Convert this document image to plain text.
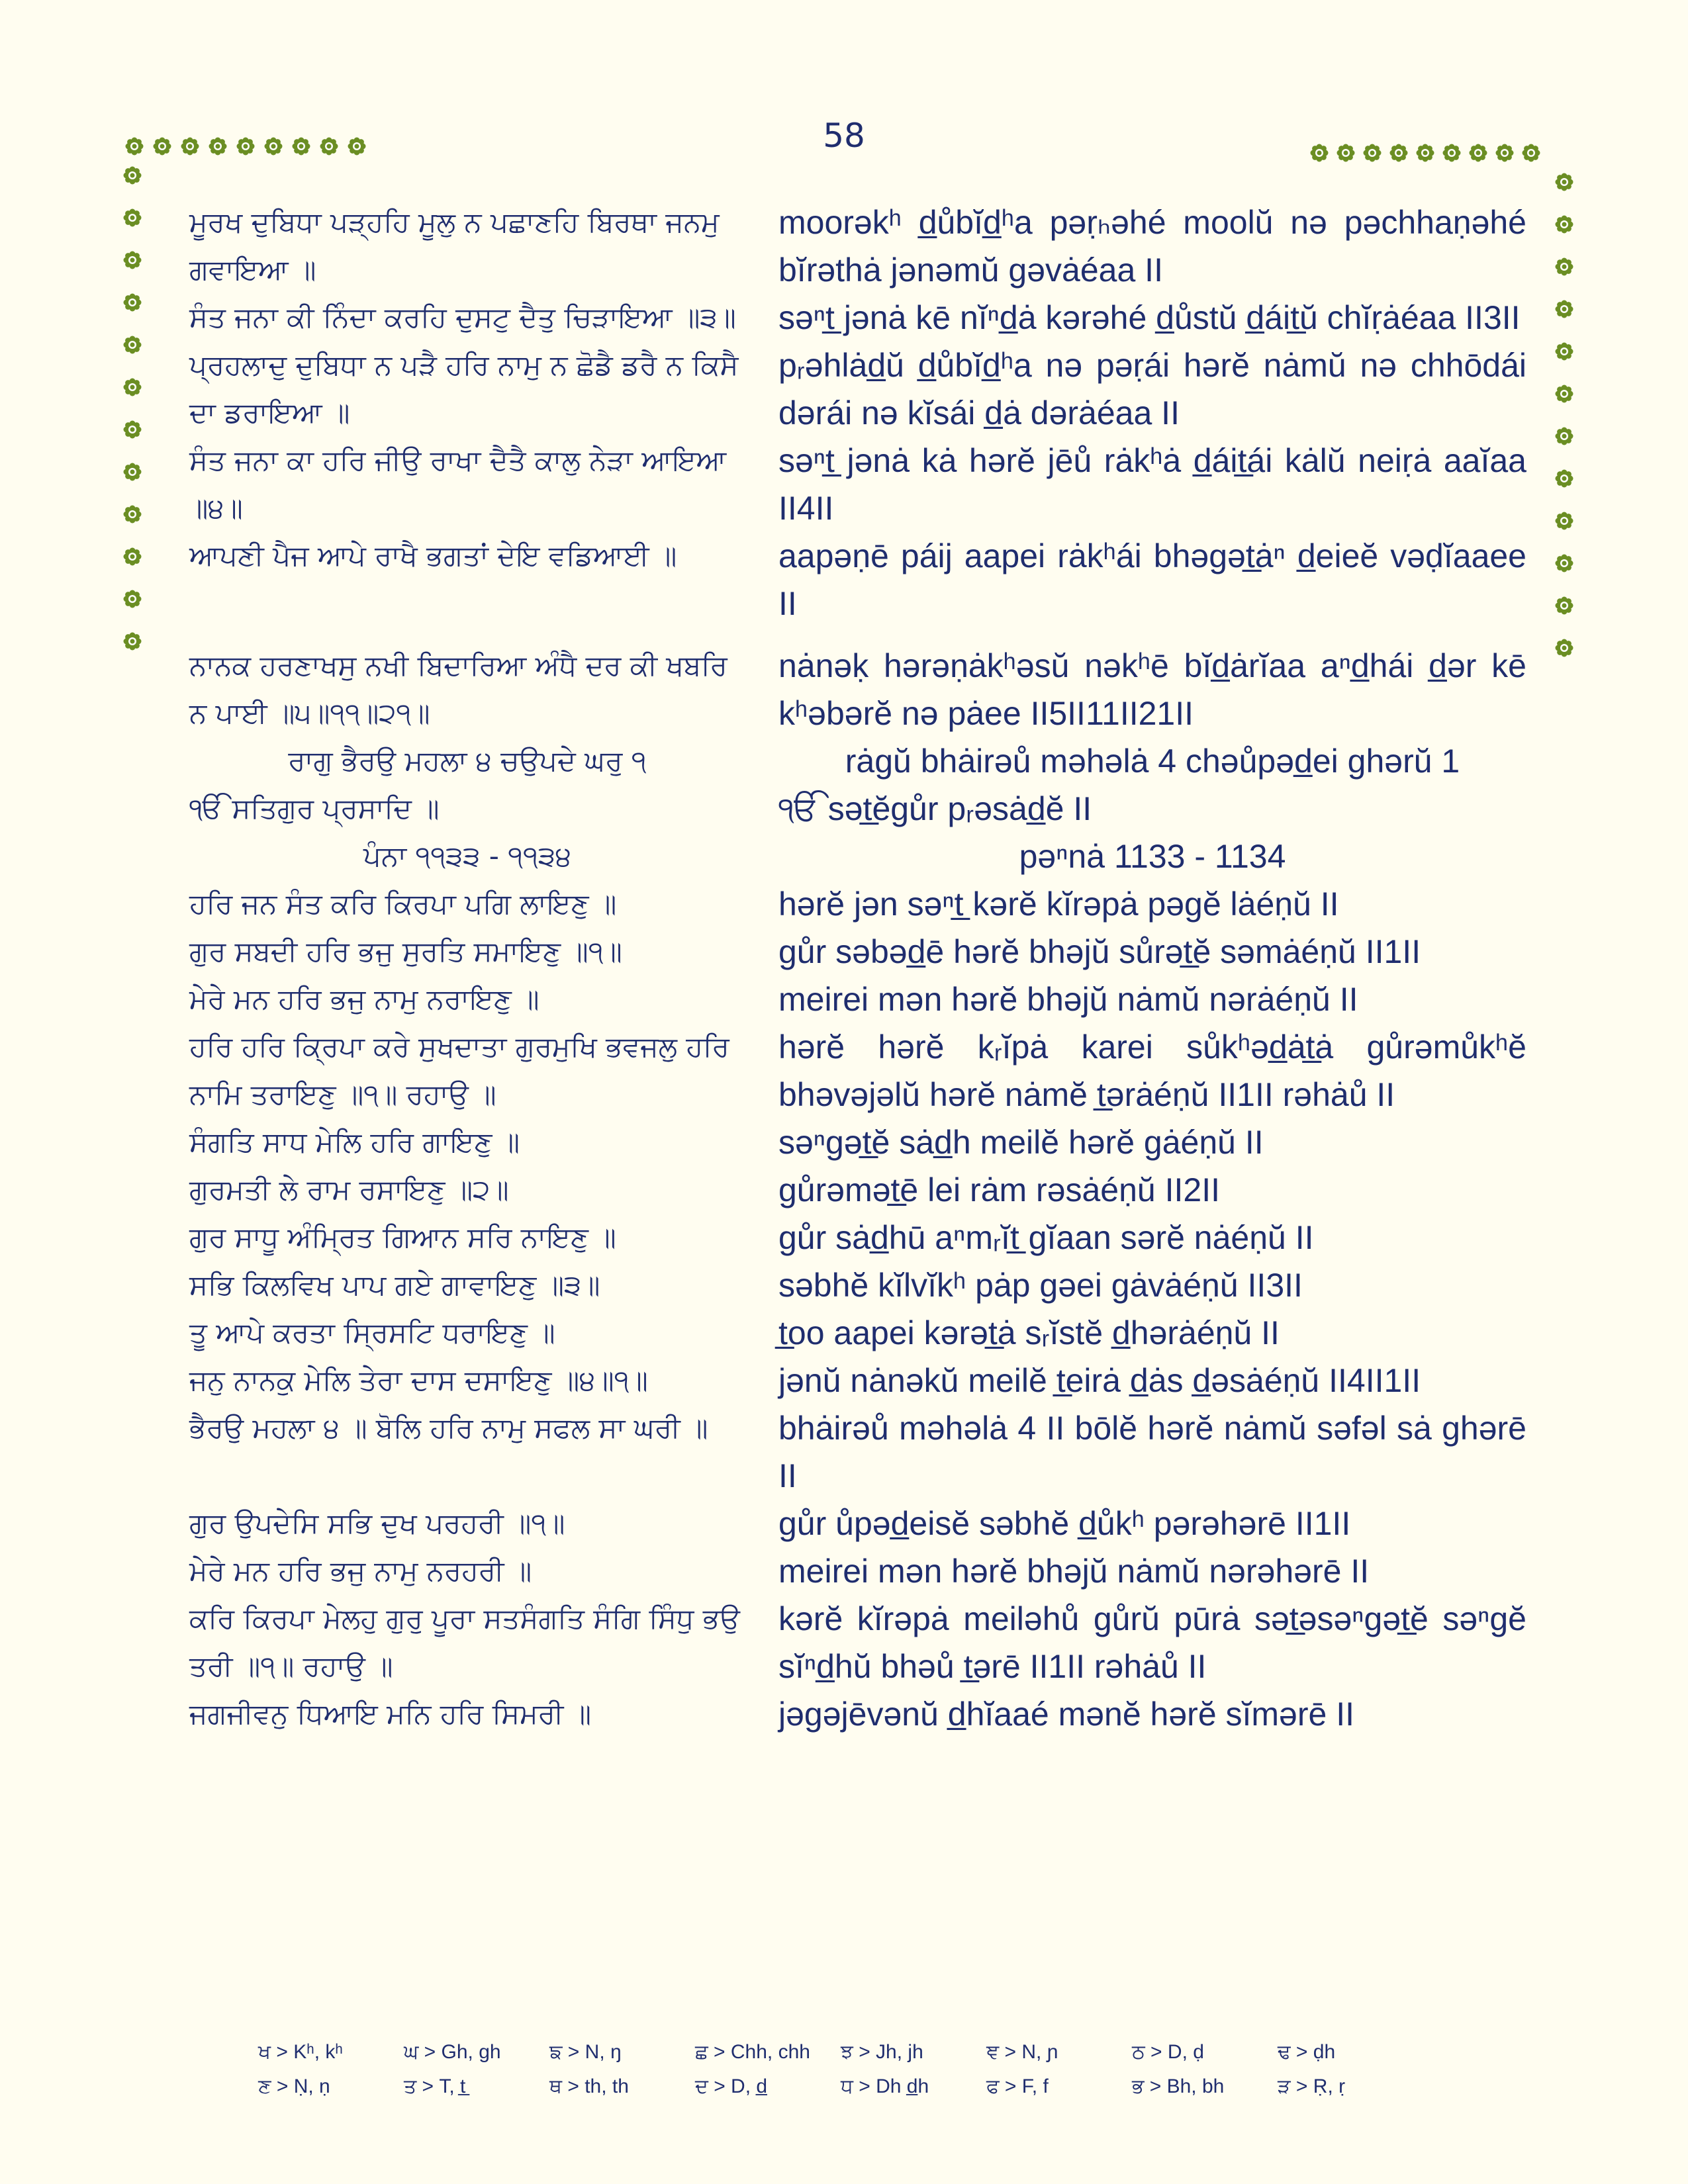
58
ਮੂਰਖ ਦੁਬਿਧਾ ਪੜ੍ਹਹਿ ਮੂਲੁ ਨ ਪਛਾਣਹਿ ਬਿਰਥਾ ਜਨਮੁ ਗਵਾਇਆ ॥
moorəkʰ d̲ůbĭd̲ʰa pəṛₕəhé moolŭ nə pəchhaṇəhé bĭrəthȧ jənəmŭ gəvȧéaa II
ਸੰਤ ਜਨਾ ਕੀ ਨਿੰਦਾ ਕਰਹਿ ਦੁਸਟੁ ਦੈਤੁ ਚਿੜਾਇਆ ॥੩॥	səⁿt̲ jənȧ kē nĭⁿd̲ȧ kərəhé d̲ůstŭ d̲áit̲ŭ chĭṛȧéaa II3II
ਪ੍ਰਹਲਾਦੁ ਦੁਬਿਧਾ ਨ ਪੜੈ ਹਰਿ ਨਾਮੁ ਨ ਛੋਡੈ ਡਰੈ ਨ ਕਿਸੈ ਦਾ ਡਰਾਇਆ ॥
pᵣəhlȧd̲ŭ d̲ůbĭd̲ʰa nə pəṛái hərĕ nȧmŭ nə chhōdái dərái nə kĭsái d̲ȧ dərȧéaa II
ਸੰਤ ਜਨਾ ਕਾ ਹਰਿ ਜੀਉ ਰਾਖਾ ਦੈਤੈ ਕਾਲੁ ਨੇੜਾ ਆਇਆ ॥੪॥
səⁿt̲ jənȧ kȧ hərĕ jēů rȧkʰȧ d̲áit̲ái kȧlŭ neiṛȧ aaĭaa II4II
ਆਪਣੀ ਪੈਜ ਆਪੇ ਰਾਖੈ ਭਗਤਾਂ ਦੇਇ ਵਡਿਆਈ ॥	aapəṇē páij aapei rȧkʰái bhəgət̲ȧⁿ d̲eieĕ vəḍĭaaee II
ਨਾਨਕ ਹਰਣਾਖਸੁ ਨਖੀ ਬਿਦਾਰਿਆ ਅੰਧੈ ਦਰ ਕੀ ਖਬਰਿ ਨ ਪਾਈ ॥੫॥੧੧॥੨੧॥
nȧnəḳ hərəṇȧkʰəsŭ nəkʰē bĭd̲ȧrĭaa aⁿd̲hái d̲ər kē kʰəbərĕ nə pȧee II5II11II21II
ਰਾਗੁ ਭੈਰਉ ਮਹਲਾ ੪ ਚਉਪਦੇ ਘਰੁ ੧	rȧgŭ bhȧirəů məhəlȧ 4 chəůpəd̲ei ghərŭ 1
ੴ ਸਤਿਗੁਰ ਪ੍ਰਸਾਦਿ ॥	ੴ sət̲ĕgůr pᵣəsȧd̲ĕ II
ਪੰਨਾ ੧੧੩੩ - ੧੧੩੪	pəⁿnȧ 1133 - 1134
ਹਰਿ ਜਨ ਸੰਤ ਕਰਿ ਕਿਰਪਾ ਪਗਿ ਲਾਇਣੁ ॥	hərĕ jən səⁿt̲ kərĕ kĭrəpȧ pəgĕ lȧéṇŭ II
ਗੁਰ ਸਬਦੀ ਹਰਿ ਭਜੁ ਸੁਰਤਿ ਸਮਾਇਣੁ ॥੧॥	gůr səbəd̲ē hərĕ bhəjŭ sůrət̲ĕ səmȧéṇŭ II1II
ਮੇਰੇ ਮਨ ਹਰਿ ਭਜੁ ਨਾਮੁ ਨਰਾਇਣੁ ॥	meirei mən hərĕ bhəjŭ nȧmŭ nərȧéṇŭ II
ਹਰਿ ਹਰਿ ਕ੍ਰਿਪਾ ਕਰੇ ਸੁਖਦਾਤਾ ਗੁਰਮੁਖਿ ਭਵਜਲੁ ਹਰਿ ਨਾਮਿ ਤਰਾਇਣੁ ॥੧॥ ਰਹਾਉ ॥
hərĕ hərĕ kᵣĭpȧ karei sůkʰəd̲ȧt̲ȧ gůrəmůkʰĕ bhəvəjəlŭ hərĕ nȧmĕ t̲ərȧéṇŭ II1II rəhȧů II
ਸੰਗਤਿ ਸਾਧ ਮੇਲਿ ਹਰਿ ਗਾਇਣੁ ॥	səⁿgət̲ĕ sȧd̲h meilĕ hərĕ gȧéṇŭ II
ਗੁਰਮਤੀ ਲੇ ਰਾਮ ਰਸਾਇਣੁ ॥੨॥	gůrəmət̲ē lei rȧm rəsȧéṇŭ II2II
ਗੁਰ ਸਾਧੂ ਅੰਮ੍ਰਿਤ ਗਿਆਨ ਸਰਿ ਨਾਇਣੁ ॥	gůr sȧd̲hū aⁿmᵣĭt̲ gĭaan sərĕ nȧéṇŭ II
ਸਭਿ ਕਿਲਵਿਖ ਪਾਪ ਗਏ ਗਾਵਾਇਣੁ ॥੩॥	səbhĕ kĭlvĭkʰ pȧp gəei gȧvȧéṇŭ II3II
ਤੂ ਆਪੇ ਕਰਤਾ ਸ੍ਰਿਸਟਿ ਧਰਾਇਣੁ ॥	t̲oo aapei kərət̲ȧ sᵣĭstĕ d̲hərȧéṇŭ II
ਜਨੁ ਨਾਨਕੁ ਮੇਲਿ ਤੇਰਾ ਦਾਸ ਦਸਾਇਣੁ ॥੪॥੧॥	jənŭ nȧnəkŭ meilĕ t̲eirȧ d̲ȧs d̲əsȧéṇŭ II4II1II
ਭੈਰਉ ਮਹਲਾ ੪ ॥ ਬੋਲਿ ਹਰਿ ਨਾਮੁ ਸਫਲ ਸਾ ਘਰੀ ॥	bhȧirəů məhəlȧ 4 II bōlĕ hərĕ nȧmŭ səfəl sȧ ghərē II
ਗੁਰ ਉਪਦੇਸਿ ਸਭਿ ਦੁਖ ਪਰਹਰੀ ॥੧॥	gůr ůpəd̲eisĕ səbhĕ d̲ůkʰ pərəhərē II1II
ਮੇਰੇ ਮਨ ਹਰਿ ਭਜੁ ਨਾਮੁ ਨਰਹਰੀ ॥	meirei mən hərĕ bhəjŭ nȧmŭ nərəhərē II
ਕਰਿ ਕਿਰਪਾ ਮੇਲਹੁ ਗੁਰੁ ਪੂਰਾ ਸਤਸੰਗਤਿ ਸੰਗਿ ਸਿੰਧੁ ਭਉ ਤਰੀ ॥੧॥ ਰਹਾਉ ॥
kərĕ kĭrəpȧ meiləhů gůrŭ pūrȧ sət̲əsəⁿgət̲ĕ səⁿgĕ sĭⁿd̲hŭ bhəů t̲ərē II1II rəhȧů II
ਜਗਜੀਵਨੁ ਧਿਆਇ ਮਨਿ ਹਰਿ ਸਿਮਰੀ ॥	jəgəjēvənŭ d̲hĭaaé mənĕ hərĕ sĭmərē II
ਖ > Kʰ, kʰ	ਘ > Gh, gh	ਙ > N, ŋ	ਛ > Chh, chh	ਝ > Jh, jh	ਞ > N, ɲ	ਠ > D, ḍ	ਢ > ḍh
ਣ > Ṇ, ṇ	ਤ > T, t̲	ਥ > th, th	ਦ > D, d̲	ਧ > Dh d̲h	ਫ > F, f	ਭ > Bh, bh	ੜ > Ṛ, ṛ
